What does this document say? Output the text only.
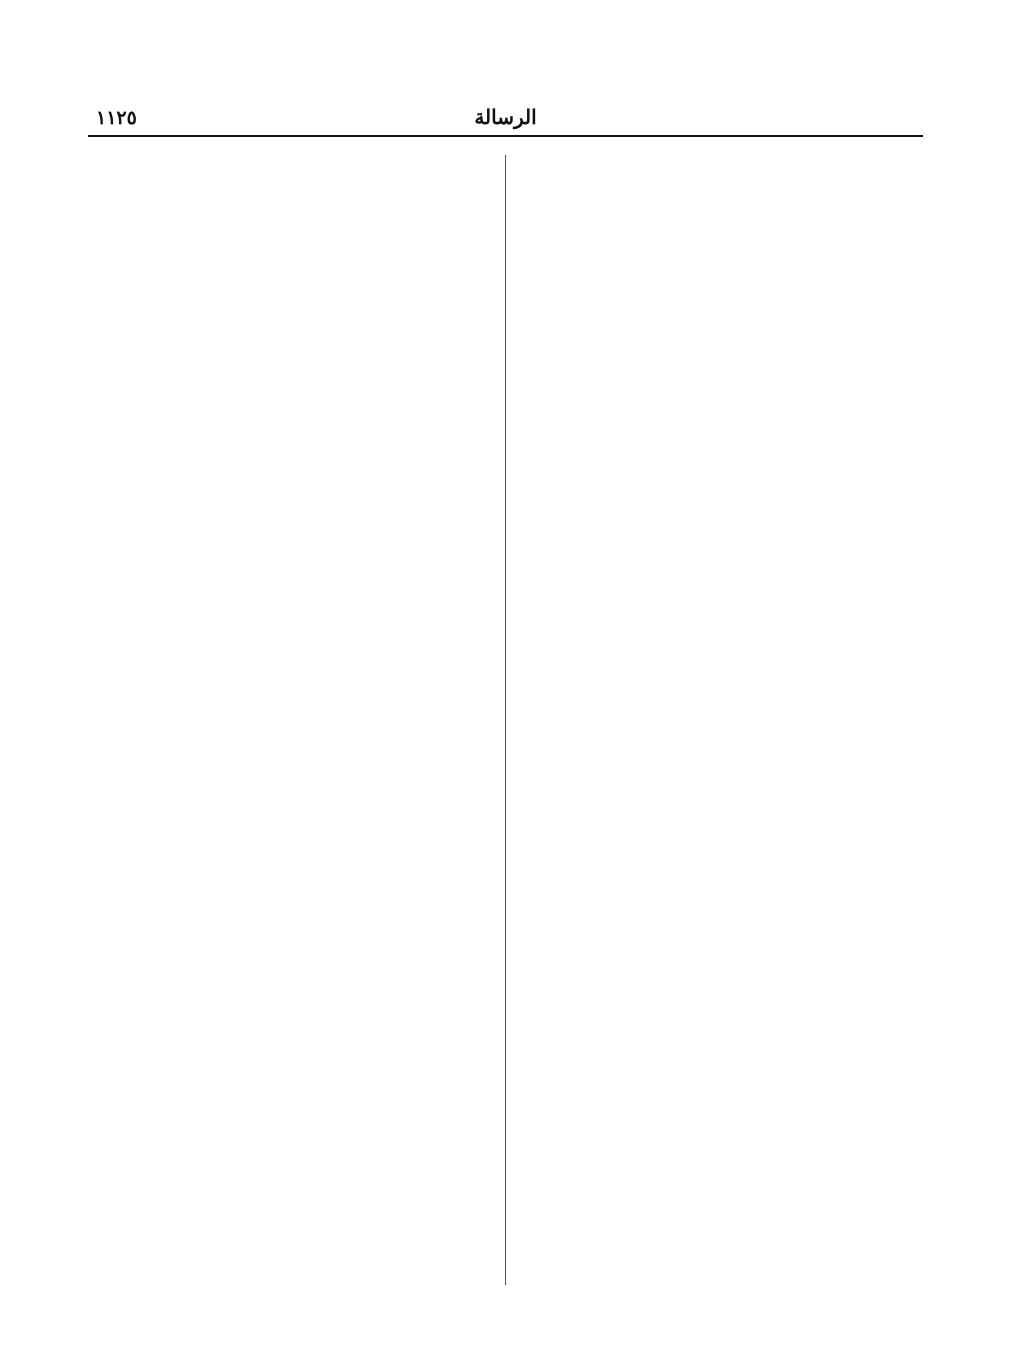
الرسالة
١١٢٥
